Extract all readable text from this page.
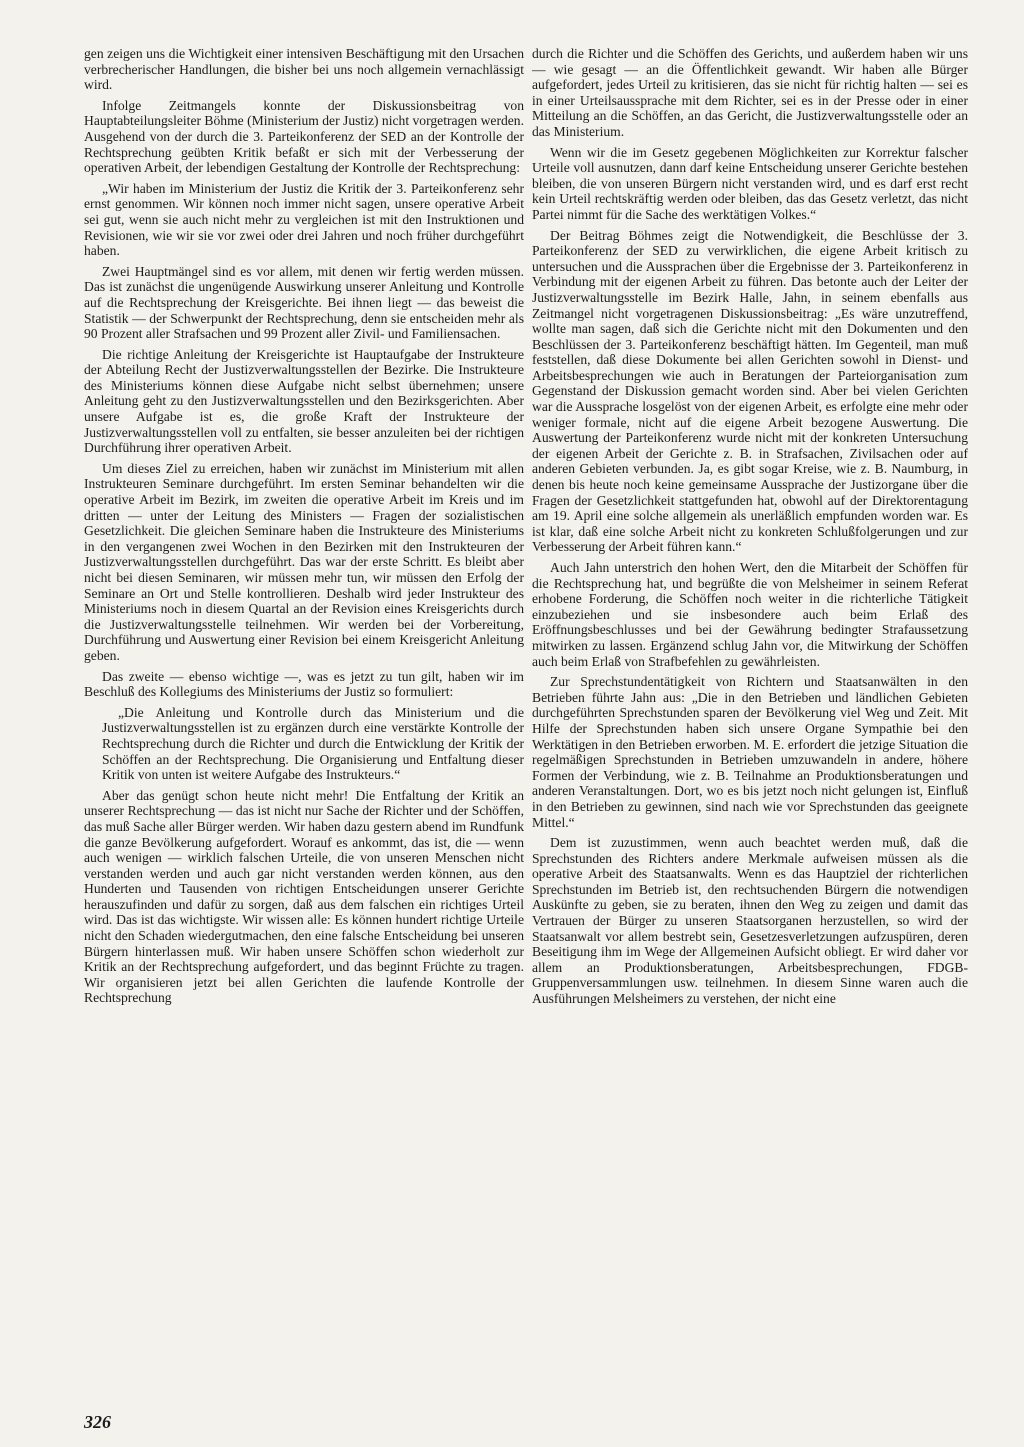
gen zeigen uns die Wichtigkeit einer intensiven Beschäftigung mit den Ursachen verbrecherischer Handlungen, die bisher bei uns noch allgemein vernachlässigt wird.

Infolge Zeitmangels konnte der Diskussionsbeitrag von Hauptabteilungsleiter Böhme (Ministerium der Justiz) nicht vorgetragen werden. Ausgehend von der durch die 3. Parteikonferenz der SED an der Kontrolle der Rechtsprechung geübten Kritik befaßt er sich mit der Verbesserung der operativen Arbeit, der lebendigen Gestaltung der Kontrolle der Rechtsprechung:

„Wir haben im Ministerium der Justiz die Kritik der 3. Parteikonferenz sehr ernst genommen. Wir können noch immer nicht sagen, unsere operative Arbeit sei gut, wenn sie auch nicht mehr zu vergleichen ist mit den Instruktionen und Revisionen, wie wir sie vor zwei oder drei Jahren und noch früher durchgeführt haben.

Zwei Hauptmängel sind es vor allem, mit denen wir fertig werden müssen. Das ist zunächst die ungenügende Auswirkung unserer Anleitung und Kontrolle auf die Rechtsprechung der Kreisgerichte. Bei ihnen liegt — das beweist die Statistik — der Schwerpunkt der Rechtsprechung, denn sie entscheiden mehr als 90 Prozent aller Strafsachen und 99 Prozent aller Zivil- und Familiensachen.

Die richtige Anleitung der Kreisgerichte ist Hauptaufgabe der Instrukteure der Abteilung Recht der Justizverwaltungsstellen der Bezirke. Die Instrukteure des Ministeriums können diese Aufgabe nicht selbst übernehmen; unsere Anleitung geht zu den Justizverwaltungsstellen und den Bezirksgerichten. Aber unsere Aufgabe ist es, die große Kraft der Instrukteure der Justizverwaltungsstellen voll zu entfalten, sie besser anzuleiten bei der richtigen Durchführung ihrer operativen Arbeit.

Um dieses Ziel zu erreichen, haben wir zunächst im Ministerium mit allen Instrukteuren Seminare durchgeführt. Im ersten Seminar behandelten wir die operative Arbeit im Bezirk, im zweiten die operative Arbeit im Kreis und im dritten — unter der Leitung des Ministers — Fragen der sozialistischen Gesetzlichkeit. Die gleichen Seminare haben die Instrukteure des Ministeriums in den vergangenen zwei Wochen in den Bezirken mit den Instrukteuren der Justizverwaltungsstellen durchgeführt. Das war der erste Schritt. Es bleibt aber nicht bei diesen Seminaren, wir müssen mehr tun, wir müssen den Erfolg der Seminare an Ort und Stelle kontrollieren. Deshalb wird jeder Instrukteur des Ministeriums noch in diesem Quartal an der Revision eines Kreisgerichts durch die Justizverwaltungsstelle teilnehmen. Wir werden bei der Vorbereitung, Durchführung und Auswertung einer Revision bei einem Kreisgericht Anleitung geben.

Das zweite — ebenso wichtige —, was es jetzt zu tun gilt, haben wir im Beschluß des Kollegiums des Ministeriums der Justiz so formuliert:

„Die Anleitung und Kontrolle durch das Ministerium und die Justizverwaltungsstellen ist zu ergänzen durch eine verstärkte Kontrolle der Rechtsprechung durch die Richter und durch die Entwicklung der Kritik der Schöffen an der Rechtsprechung. Die Organisierung und Entfaltung dieser Kritik von unten ist weitere Aufgabe des Instrukteurs.“

Aber das genügt schon heute nicht mehr! Die Entfaltung der Kritik an unserer Rechtsprechung — das ist nicht nur Sache der Richter und der Schöffen, das muß Sache aller Bürger werden. Wir haben dazu gestern abend im Rundfunk die ganze Bevölkerung aufgefordert. Worauf es ankommt, das ist, die — wenn auch wenigen — wirklich falschen Urteile, die von unseren Menschen nicht verstanden werden und auch gar nicht verstanden werden können, aus den Hunderten und Tausenden von richtigen Entscheidungen unserer Gerichte herauszufinden und dafür zu sorgen, daß aus dem falschen ein richtiges Urteil wird. Das ist das wichtigste. Wir wissen alle: Es können hundert richtige Urteile nicht den Schaden wiedergutmachen, den eine falsche Entscheidung bei unseren Bürgern hinterlassen muß. Wir haben unsere Schöffen schon wiederholt zur Kritik an der Rechtsprechung aufgefordert, und das beginnt Früchte zu tragen. Wir organisieren jetzt bei allen Gerichten die laufende Kontrolle der Rechtsprechung

durch die Richter und die Schöffen des Gerichts, und außerdem haben wir uns — wie gesagt — an die Öffentlichkeit gewandt. Wir haben alle Bürger aufgefordert, jedes Urteil zu kritisieren, das sie nicht für richtig halten — sei es in einer Urteilsaussprache mit dem Richter, sei es in der Presse oder in einer Mitteilung an die Schöffen, an das Gericht, die Justizverwaltungsstelle oder an das Ministerium.

Wenn wir die im Gesetz gegebenen Möglichkeiten zur Korrektur falscher Urteile voll ausnutzen, dann darf keine Entscheidung unserer Gerichte bestehen bleiben, die von unseren Bürgern nicht verstanden wird, und es darf erst recht kein Urteil rechtskräftig werden oder bleiben, das das Gesetz verletzt, das nicht Partei nimmt für die Sache des werktätigen Volkes.“

Der Beitrag Böhmes zeigt die Notwendigkeit, die Beschlüsse der 3. Parteikonferenz der SED zu verwirklichen, die eigene Arbeit kritisch zu untersuchen und die Aussprachen über die Ergebnisse der 3. Parteikonferenz in Verbindung mit der eigenen Arbeit zu führen. Das betonte auch der Leiter der Justizverwaltungsstelle im Bezirk Halle, Jahn, in seinem ebenfalls aus Zeitmangel nicht vorgetragenen Diskussionsbeitrag: „Es wäre unzutreffend, wollte man sagen, daß sich die Gerichte nicht mit den Dokumenten und den Beschlüssen der 3. Parteikonferenz beschäftigt hätten. Im Gegenteil, man muß feststellen, daß diese Dokumente bei allen Gerichten sowohl in Dienst- und Arbeitsbesprechungen wie auch in Beratungen der Parteiorganisation zum Gegenstand der Diskussion gemacht worden sind. Aber bei vielen Gerichten war die Aussprache losgelöst von der eigenen Arbeit, es erfolgte eine mehr oder weniger formale, nicht auf die eigene Arbeit bezogene Auswertung. Die Auswertung der Parteikonferenz wurde nicht mit der konkreten Untersuchung der eigenen Arbeit der Gerichte z. B. in Strafsachen, Zivilsachen oder auf anderen Gebieten verbunden. Ja, es gibt sogar Kreise, wie z. B. Naumburg, in denen bis heute noch keine gemeinsame Aussprache der Justizorgane über die Fragen der Gesetzlichkeit stattgefunden hat, obwohl auf der Direktorentagung am 19. April eine solche allgemein als unerläßlich empfunden worden war. Es ist klar, daß eine solche Arbeit nicht zu konkreten Schlußfolgerungen und zur Verbesserung der Arbeit führen kann.“

Auch Jahn unterstrich den hohen Wert, den die Mitarbeit der Schöffen für die Rechtsprechung hat, und begrüßte die von Melsheimer in seinem Referat erhobene Forderung, die Schöffen noch weiter in die richterliche Tätigkeit einzubeziehen und sie insbesondere auch beim Erlaß des Eröffnungsbeschlusses und bei der Gewährung bedingter Strafaussetzung mitwirken zu lassen. Ergänzend schlug Jahn vor, die Mitwirkung der Schöffen auch beim Erlaß von Strafbefehlen zu gewährleisten.

Zur Sprechstundentätigkeit von Richtern und Staatsanwälten in den Betrieben führte Jahn aus: „Die in den Betrieben und ländlichen Gebieten durchgeführten Sprechstunden sparen der Bevölkerung viel Weg und Zeit. Mit Hilfe der Sprechstunden haben sich unsere Organe Sympathie bei den Werktätigen in den Betrieben erworben. M. E. erfordert die jetzige Situation die regelmäßigen Sprechstunden in Betrieben umzuwandeln in andere, höhere Formen der Verbindung, wie z. B. Teilnahme an Produktionsberatungen und anderen Veranstaltungen. Dort, wo es bis jetzt noch nicht gelungen ist, Einfluß in den Betrieben zu gewinnen, sind nach wie vor Sprechstunden das geeignete Mittel.“

Dem ist zuzustimmen, wenn auch beachtet werden muß, daß die Sprechstunden des Richters andere Merkmale aufweisen müssen als die operative Arbeit des Staatsanwalts. Wenn es das Hauptziel der richterlichen Sprechstunden im Betrieb ist, den rechtsuchenden Bürgern die notwendigen Auskünfte zu geben, sie zu beraten, ihnen den Weg zu zeigen und damit das Vertrauen der Bürger zu unseren Staatsorganen herzustellen, so wird der Staatsanwalt vor allem bestrebt sein, Gesetzesverletzungen aufzuspüren, deren Beseitigung ihm im Wege der Allgemeinen Aufsicht obliegt. Er wird daher vor allem an Produktionsberatungen, Arbeitsbesprechungen, FDGB-Gruppenversammlungen usw. teilnehmen. In diesem Sinne waren auch die Ausführungen Melsheimers zu verstehen, der nicht eine

326
